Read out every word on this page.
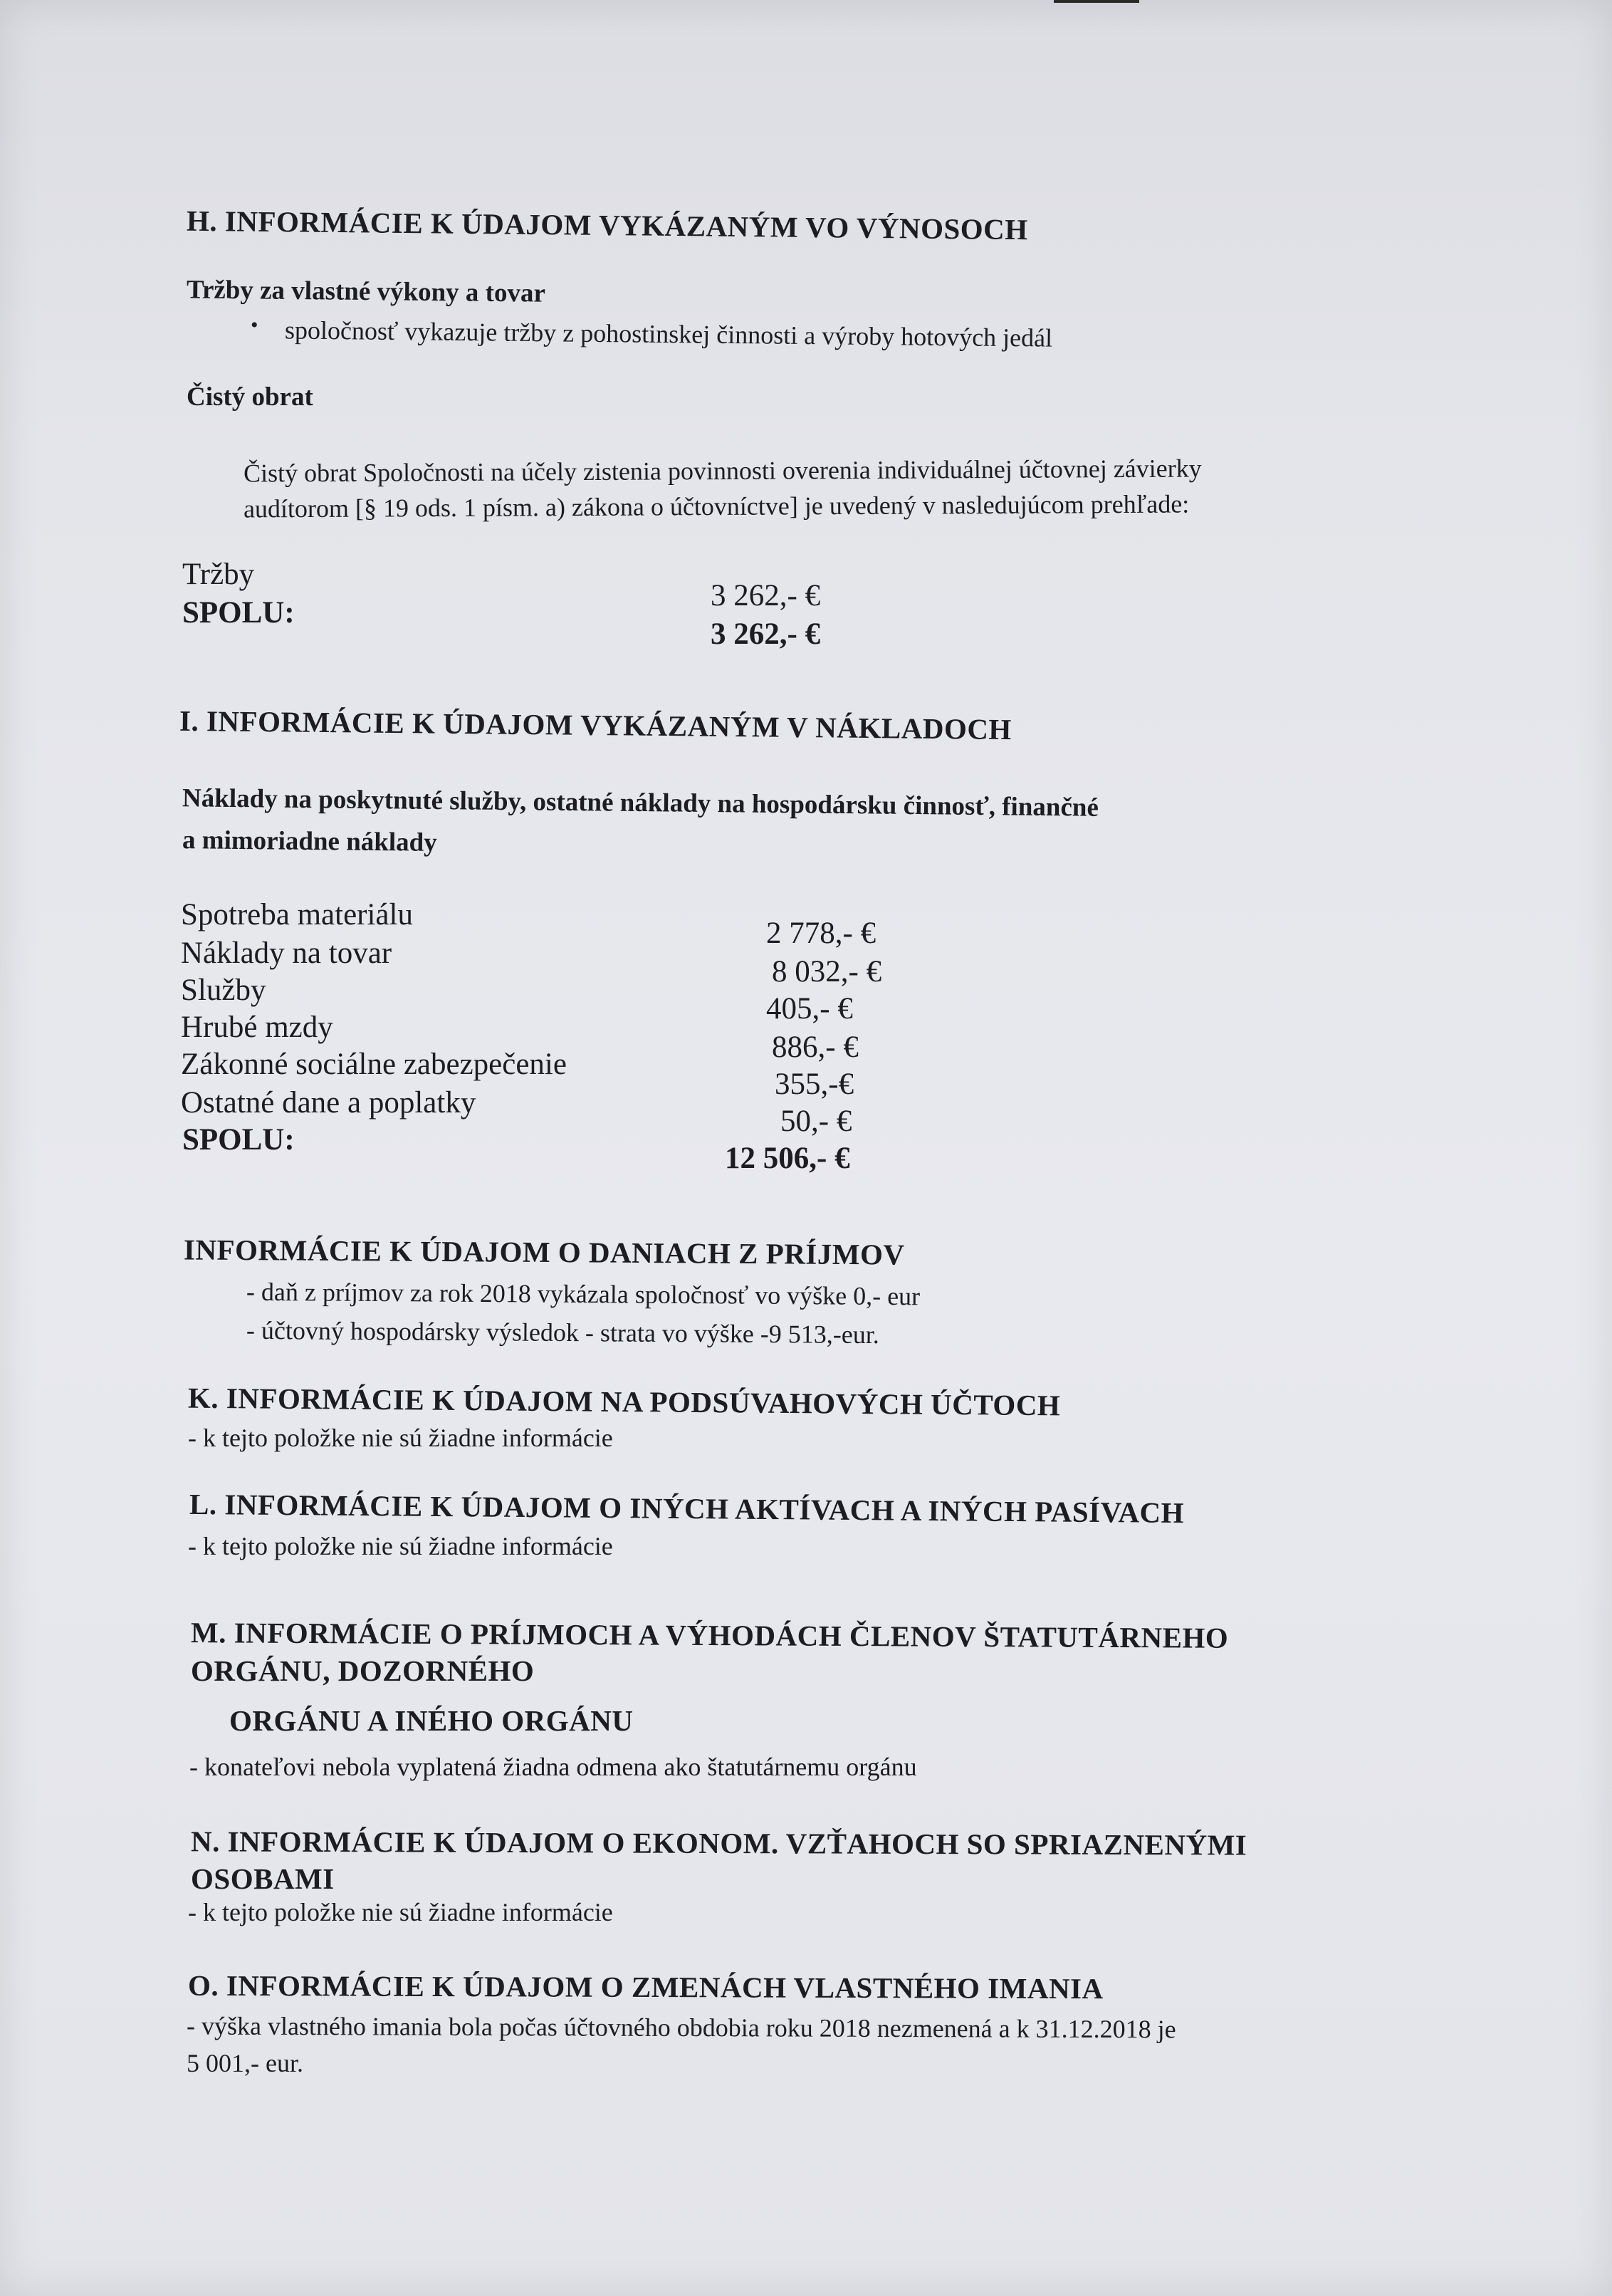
H. INFORMÁCIE K ÚDAJOM VYKÁZANÝM VO VÝNOSOCH
Tržby za vlastné výkony a tovar
• spoločnosť vykazuje tržby z pohostinskej činnosti a výroby hotových jedál
Čistý obrat
Čistý obrat Spoločnosti na účely zistenia povinnosti overenia individuálnej účtovnej závierky
audítorom [§ 19 ods. 1 písm. a) zákona o účtovníctve] je uvedený v nasledujúcom prehľade:
Tržby
3 262,- €
SPOLU:
3 262,- €
I. INFORMÁCIE K ÚDAJOM VYKÁZANÝM V NÁKLADOCH
Náklady na poskytnuté služby, ostatné náklady na hospodársku činnosť, finančné
a mimoriadne náklady
Spotreba materiálu
2 778,- €
Náklady na tovar
8 032,- €
Služby
405,- €
Hrubé mzdy
886,- €
Zákonné sociálne zabezpečenie
355,-€
Ostatné dane a poplatky
50,- €
SPOLU:
12 506,- €
INFORMÁCIE K ÚDAJOM O DANIACH Z PRÍJMOV
- daň z príjmov za rok 2018 vykázala spoločnosť vo výške 0,- eur
- účtovný hospodársky výsledok - strata vo výške -9 513,-eur.
K. INFORMÁCIE K ÚDAJOM NA PODSÚVAHOVÝCH ÚČTOCH
- k tejto položke nie sú žiadne informácie
L. INFORMÁCIE K ÚDAJOM O INÝCH AKTÍVACH A INÝCH PASÍVACH
- k tejto položke nie sú žiadne informácie
M. INFORMÁCIE O PRÍJMOCH A VÝHODÁCH ČLENOV ŠTATUTÁRNEHO
ORGÁNU, DOZORNÉHO
ORGÁNU A INÉHO ORGÁNU
- konateľovi nebola vyplatená žiadna odmena ako štatutárnemu orgánu
N. INFORMÁCIE K ÚDAJOM O EKONOM. VZŤAHOCH SO SPRIAZNENÝMI
OSOBAMI
- k tejto položke nie sú žiadne informácie
O. INFORMÁCIE K ÚDAJOM O ZMENÁCH VLASTNÉHO IMANIA
- výška vlastného imania bola počas účtovného obdobia roku 2018 nezmenená a k 31.12.2018 je
5 001,- eur.
